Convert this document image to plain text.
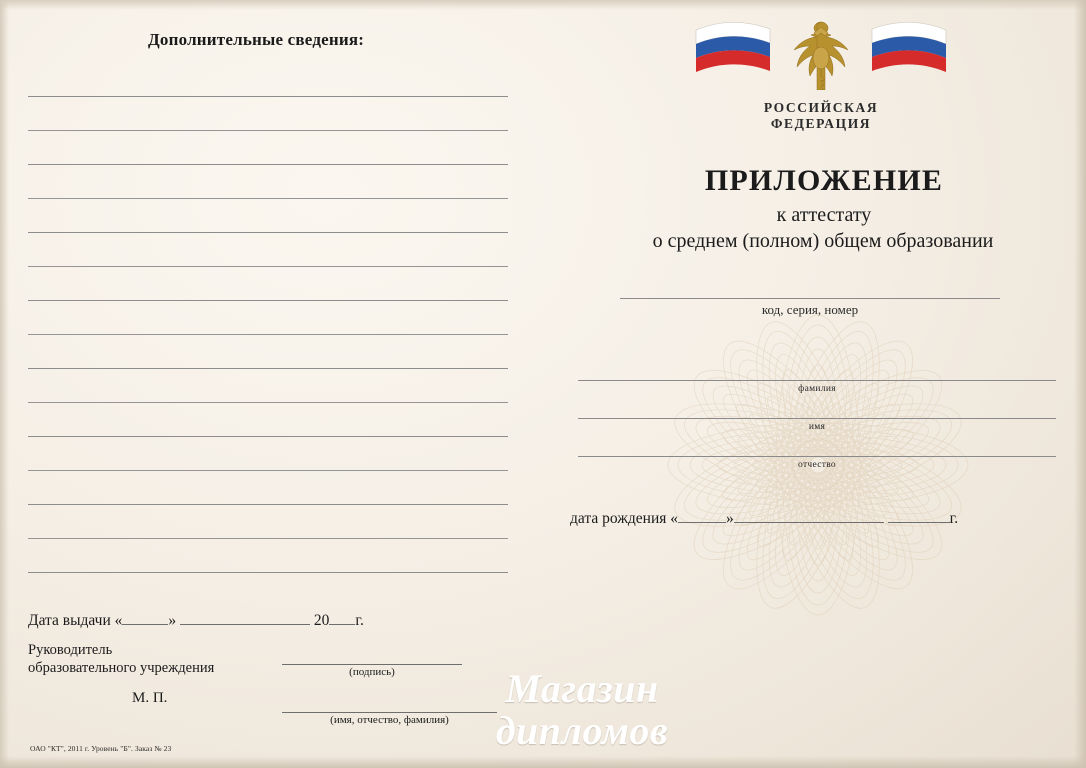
Дополнительные сведения:
Дата выдачи «	»	20 г.
Руководитель
образовательного учреждения	(подпись)
М. П.
(имя, отчество, фамилия)
ОАО "КТ", 2011 г. Уровень "Б". Заказ № 23
РОССИЙСКАЯ
ФЕДЕРАЦИЯ
ПРИЛОЖЕНИЕ
к аттестату
о среднем (полном) общем образовании
код, серия, номер
фамилия
имя
отчество
дата рождения «	»	г.
Магазин
дипломов
